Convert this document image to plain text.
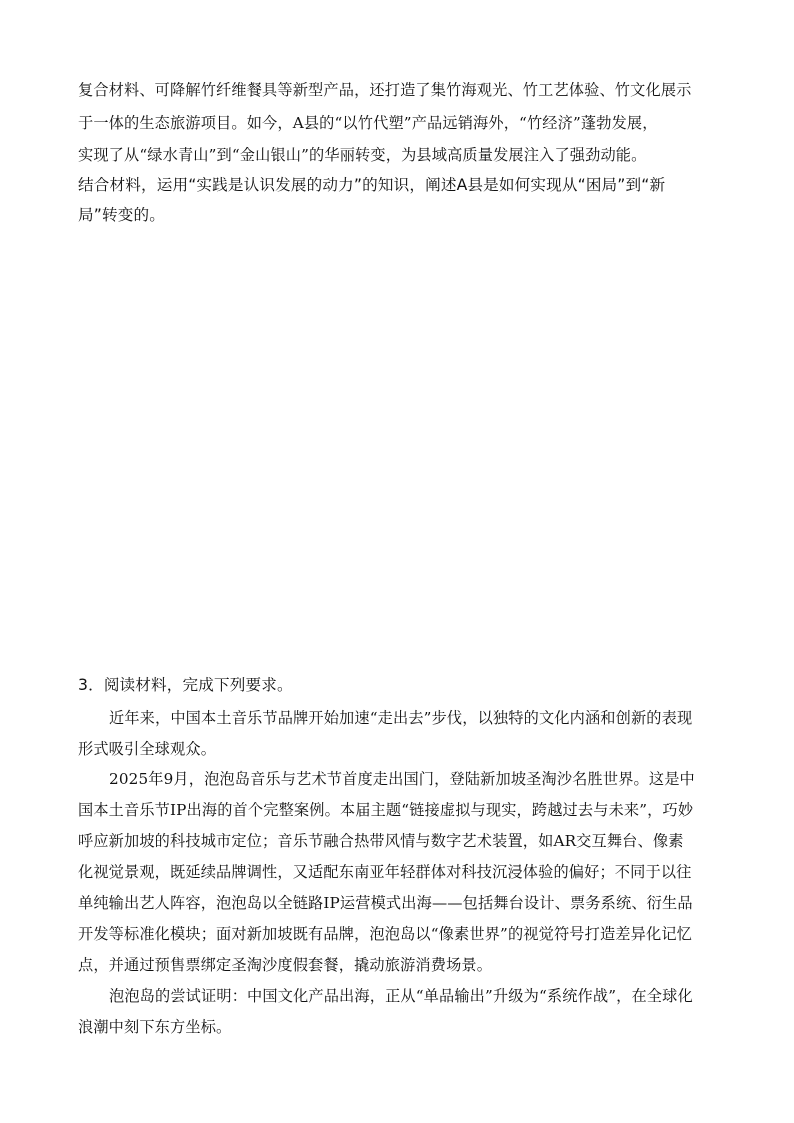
复合材料、可降解竹纤维餐具等新型产品，还打造了集竹海观光、竹工艺体验、竹文化展示
于一体的生态旅游项目。如今，A县的“以竹代塑”产品远销海外，“竹经济”蓬勃发展，
实现了从“绿水青山”到“金山银山”的华丽转变，为县域高质量发展注入了强劲动能。
结合材料，运用“实践是认识发展的动力”的知识，阐述A县是如何实现从“困局”到“新
局”转变的。
3．阅读材料，完成下列要求。
近年来，中国本土音乐节品牌开始加速“走出去”步伐，以独特的文化内涵和创新的表现
形式吸引全球观众。
2025年9月，泡泡岛音乐与艺术节首度走出国门，登陆新加坡圣淘沙名胜世界。这是中
国本土音乐节IP出海的首个完整案例。本届主题“链接虚拟与现实，跨越过去与未来”，巧妙
呼应新加坡的科技城市定位；音乐节融合热带风情与数字艺术装置，如AR交互舞台、像素
化视觉景观，既延续品牌调性，又适配东南亚年轻群体对科技沉浸体验的偏好；不同于以往
单纯输出艺人阵容，泡泡岛以全链路IP运营模式出海——包括舞台设计、票务系统、衍生品
开发等标准化模块；面对新加坡既有品牌，泡泡岛以“像素世界”的视觉符号打造差异化记忆
点，并通过预售票绑定圣淘沙度假套餐，撬动旅游消费场景。
泡泡岛的尝试证明：中国文化产品出海，正从“单品输出”升级为“系统作战”，在全球化
浪潮中刻下东方坐标。
